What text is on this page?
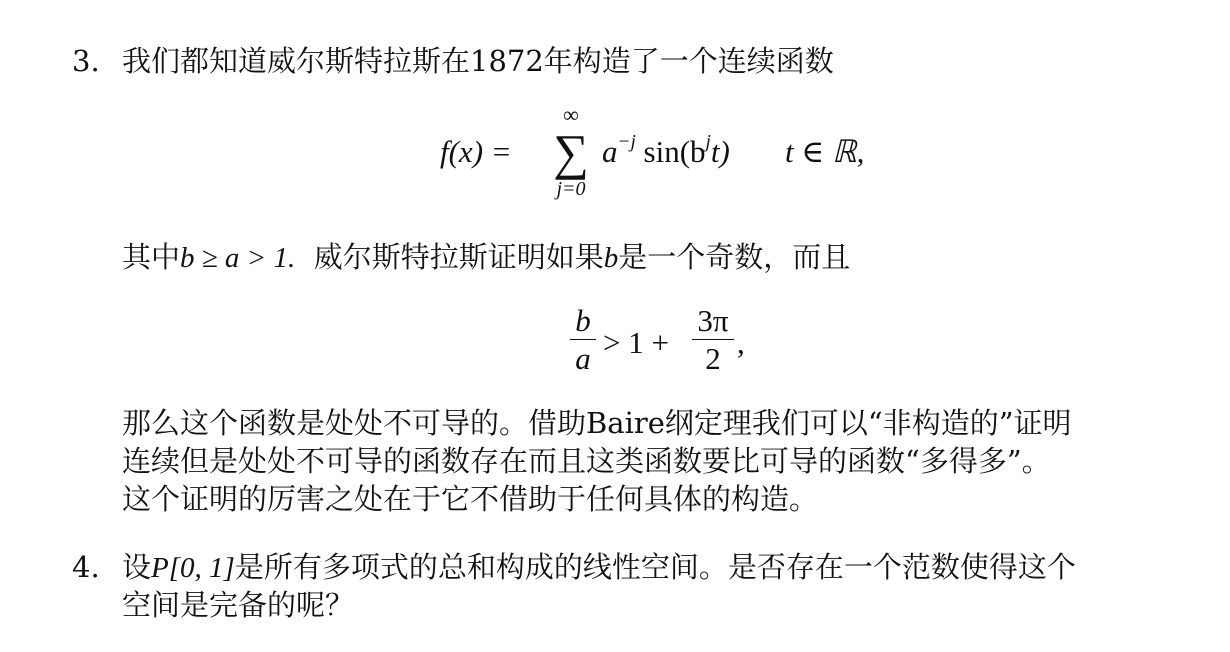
3. 我们都知道威尔斯特拉斯在1872年构造了一个连续函数
f(x) =
∞
∑
j=0
$a^{-j}$ $\sin(b^jt)$ t ∈ ℝ,
其中b ≥ a > 1.  威尔斯特拉斯证明如果b是一个奇数，而且
b
a > 1 +
3π
2 ,
那么这个函数是处处不可导的。借助Baire纲定理我们可以“非构造的”证明
连续但是处处不可导的函数存在而且这类函数要比可导的函数“多得多”。
这个证明的厉害之处在于它不借助于任何具体的构造。
4. 设P[0, 1]是所有多项式的总和构成的线性空间。是否存在一个范数使得这个
空间是完备的呢？
